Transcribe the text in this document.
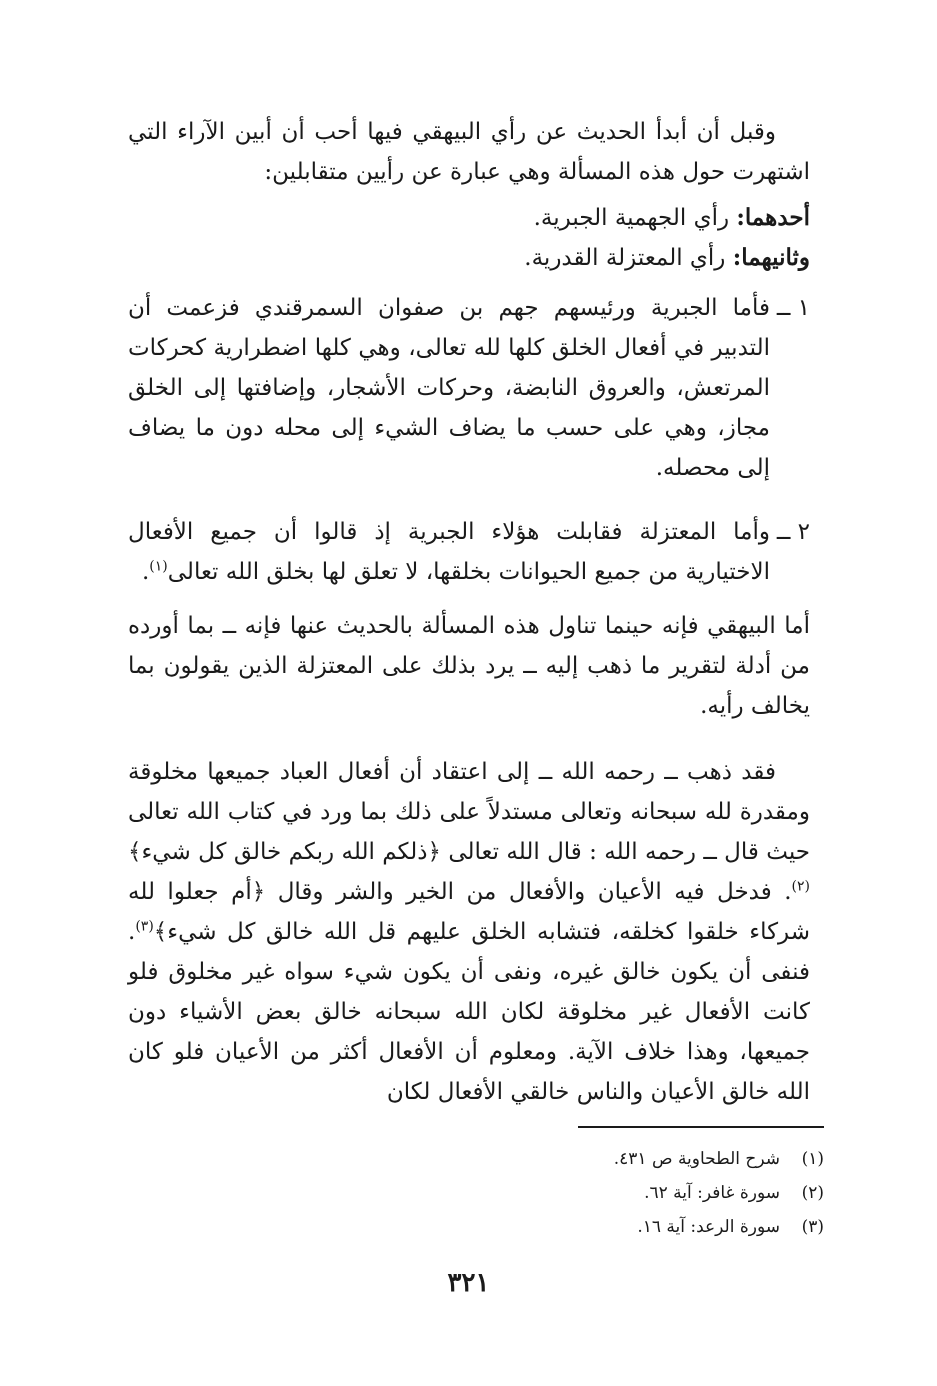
وقبل أن أبدأ الحديث عن رأي البيهقي فيها أحب أن أبين الآراء التي اشتهرت حول هذه المسألة وهي عبارة عن رأيين متقابلين:

أحدهما: رأي الجهمية الجبرية.

وثانيهما: رأي المعتزلة القدرية.

١ ــ
فأما الجبرية ورئيسهم جهم بن صفوان السمرقندي فزعمت أن التدبير في أفعال الخلق كلها لله تعالى، وهي كلها اضطرارية كحركات المرتعش، والعروق النابضة، وحركات الأشجار، وإضافتها إلى الخلق مجاز، وهي على حسب ما يضاف الشيء إلى محله دون ما يضاف إلى محصله.
٢ ــ
وأما المعتزلة فقابلت هؤلاء الجبرية إذ قالوا أن جميع الأفعال الاختيارية من جميع الحيوانات بخلقها، لا تعلق لها بخلق الله تعالى$^{(١)}$.

أما البيهقي فإنه حينما تناول هذه المسألة بالحديث عنها فإنه ــ بما أورده من أدلة لتقرير ما ذهب إليه ــ يرد بذلك على المعتزلة الذين يقولون بما يخالف رأيه.

فقد ذهب ــ رحمه الله ــ إلى اعتقاد أن أفعال العباد جميعها مخلوقة ومقدرة لله سبحانه وتعالى مستدلاً على ذلك بما ورد في كتاب الله تعالى حيث قال ــ رحمه الله : قال الله تعالى ﴿ذلكم الله ربكم خالق كل شيء﴾$^{(٢)}$. فدخل فيه الأعيان والأفعال من الخير والشر وقال ﴿أم جعلوا لله شركاء خلقوا كخلقه، فتشابه الخلق عليهم قل الله خالق كل شيء﴾$^{(٣)}$. فنفى أن يكون خالق غيره، ونفى أن يكون شيء سواه غير مخلوق فلو كانت الأفعال غير مخلوقة لكان الله سبحانه خالق بعض الأشياء دون جميعها، وهذا خلاف الآية. ومعلوم أن الأفعال أكثر من الأعيان فلو كان الله خالق الأعيان والناس خالقي الأفعال لكان

(١)
شرح الطحاوية ص ٤٣١.

(٢)
سورة غافر: آية ٦٢.

(٣)
سورة الرعد: آية ١٦.

٣٢١
